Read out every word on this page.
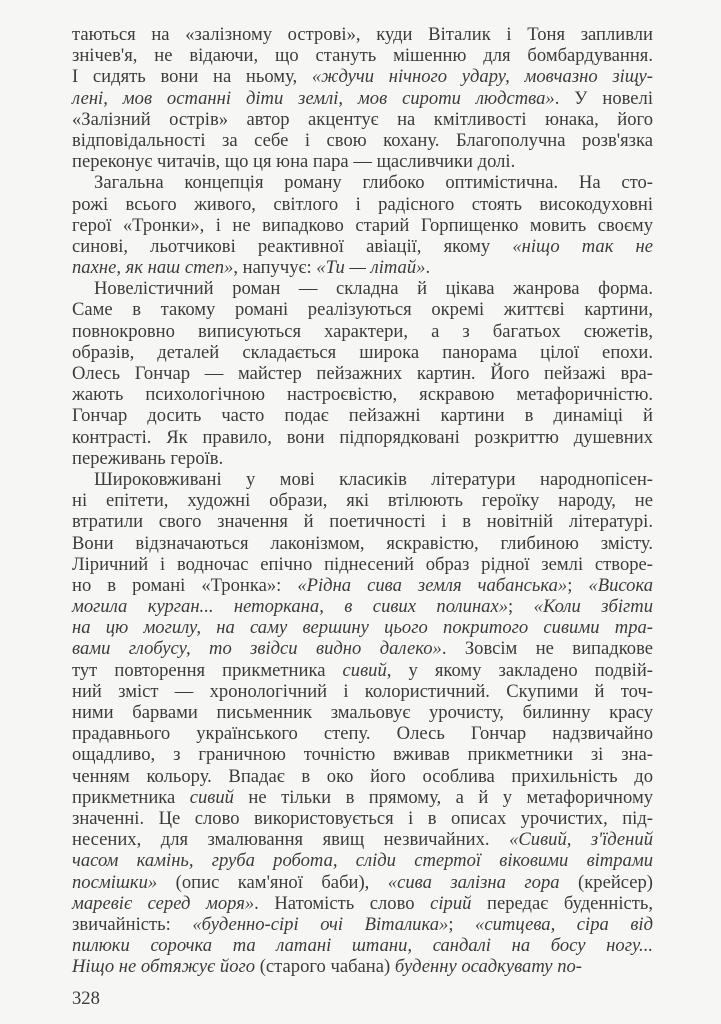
таються на «залізному острові», куди Віталик і Тоня запливли
знічев'я, не відаючи, що стануть мішенню для бомбардування.
І сидять вони на ньому, «ждучи нічного удару, мовчазно зіщу-
лені, мов останні діти землі, мов сироти людства». У новелі
«Залізний острів» автор акцентує на кмітливості юнака, його
відповідальності за себе і свою кохану. Благополучна розв'язка
переконує читачів, що ця юна пара — щасливчики долі.
Загальна концепція роману глибоко оптимістична. На сто-
рожі всього живого, світлого і радісного стоять високодуховні
герої «Тронки», і не випадково старий Горпищенко мовить своєму
синові, льотчикові реактивної авіації, якому «ніщо так не
пахне, як наш степ», напучує: «Ти — літай».
Новелістичний роман — складна й цікава жанрова форма.
Саме в такому романі реалізуються окремі життєві картини,
повнокровно виписуються характери, а з багатьох сюжетів,
образів, деталей складається широка панорама цілої епохи.
Олесь Гончар — майстер пейзажних картин. Його пейзажі вра-
жають психологічною настроєвістю, яскравою метафоричністю.
Гончар досить часто подає пейзажні картини в динаміці й
контрасті. Як правило, вони підпорядковані розкриттю душевних
переживань героїв.
Широковживані у мові класиків літератури народнопісен-
ні епітети, художні образи, які втілюють героїку народу, не
втратили свого значення й поетичності і в новітній літературі.
Вони відзначаються лаконізмом, яскравістю, глибиною змісту.
Ліричний і водночас епічно піднесений образ рідної землі створе-
но в романі «Тронка»: «Рідна сива земля чабанська»; «Висока
могила курган... неторкана, в сивих полинах»; «Коли збігти
на цю могилу, на саму вершину цього покритого сивими тра-
вами глобусу, то звідси видно далеко». Зовсім не випадкове
тут повторення прикметника сивий, у якому закладено подвій-
ний зміст — хронологічний і колористичний. Скупими й точ-
ними барвами письменник змальовує урочисту, билинну красу
прадавнього українського степу. Олесь Гончар надзвичайно
ощадливо, з граничною точністю вживав прикметники зі зна-
ченням кольору. Впадає в око його особлива прихильність до
прикметника сивий не тільки в прямому, а й у метафоричному
значенні. Це слово використовується і в описах урочистих, під-
несених, для змалювання явищ незвичайних. «Сивий, з'їдений
часом камінь, груба робота, сліди стертої віковими вітрами
посмішки» (опис кам'яної баби), «сива залізна гора (крейсер)
маревіє серед моря». Натомість слово сірий передає буденність,
звичайність: «буденно-сірі очі Віталика»; «ситцева, сіра від
пилюки сорочка та латані штани, сандалі на босу ногу...
Ніщо не обтяжує його (старого чабана) буденну осадкувату по-
328
